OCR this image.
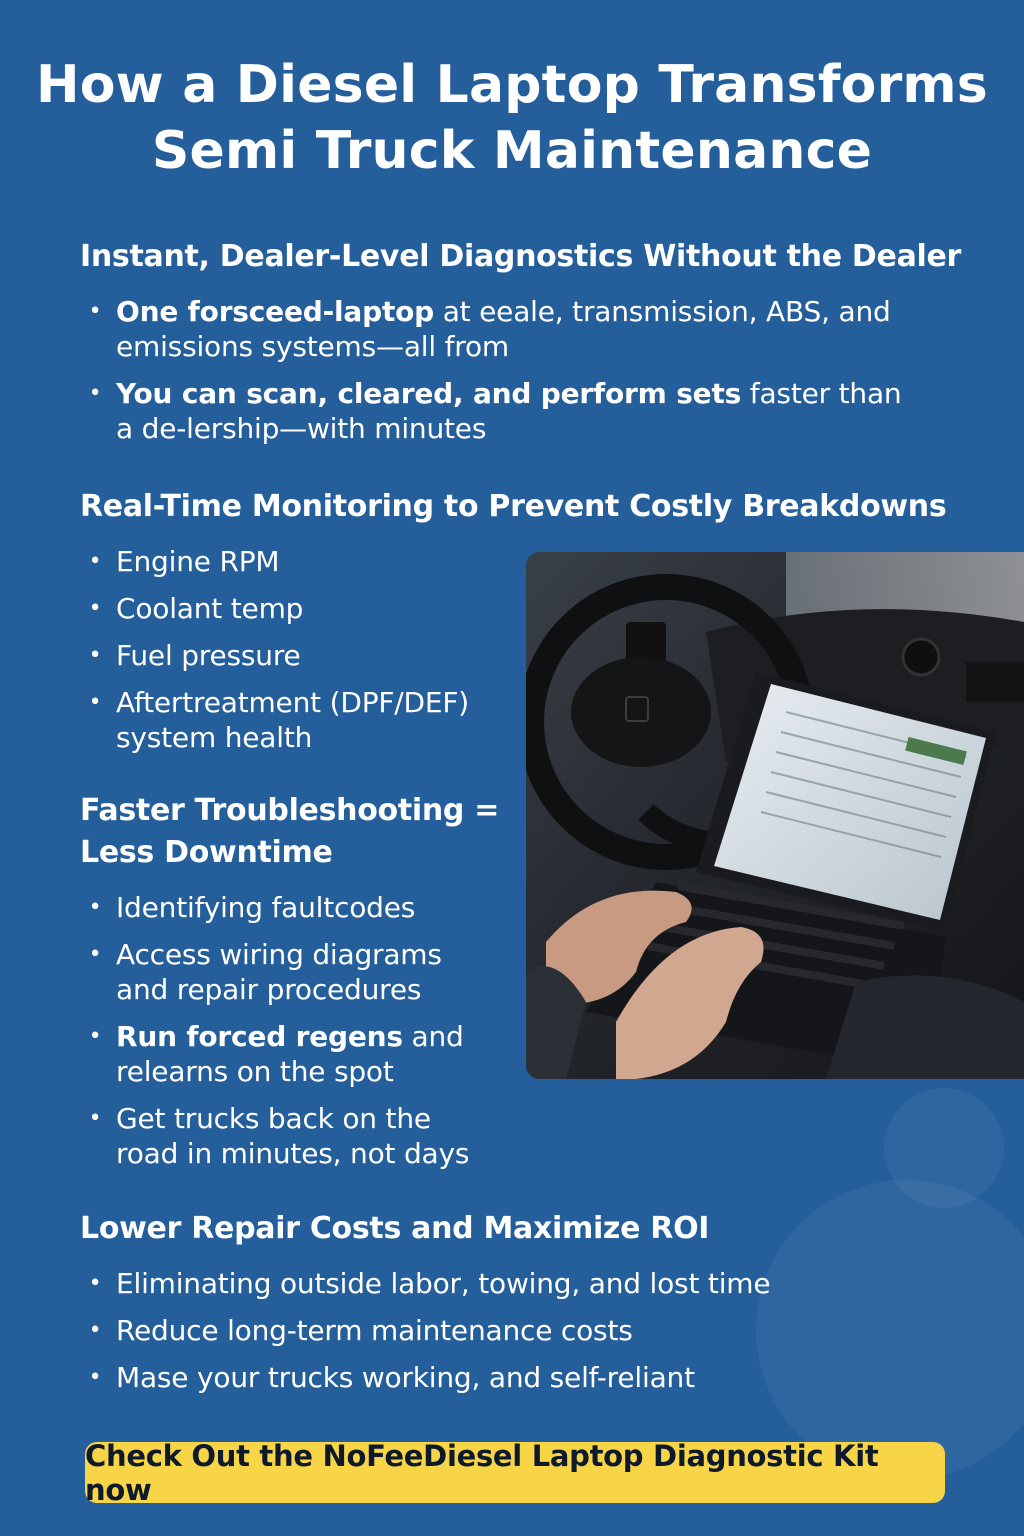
How a Diesel Laptop Transforms
Semi Truck Maintenance
Instant, Dealer-Level Diagnostics Without the Dealer
• One forsceed-laptop at eeale, transmission, ABS, and emissions systems—all from
• You can scan, cleared, and perform sets faster than a de-lership—with minutes
Real-Time Monitoring to Prevent Costly Breakdowns
• Engine RPM
• Coolant temp
• Fuel pressure
• Aftertreatment (DPF/DEF) system health
Faster Troubleshooting =
Less Downtime
• Identifying faultcodes
• Access wiring diagrams and repair procedures
• Run forced regens and relearns on the spot
• Get trucks back on the road in minutes, not days
Lower Repair Costs and Maximize ROI
• Eliminating outside labor, towing, and lost time
• Reduce long-term maintenance costs
• Mase your trucks working, and self-reliant
Check Out the NoFeeDiesel Laptop Diagnostic Kit now
